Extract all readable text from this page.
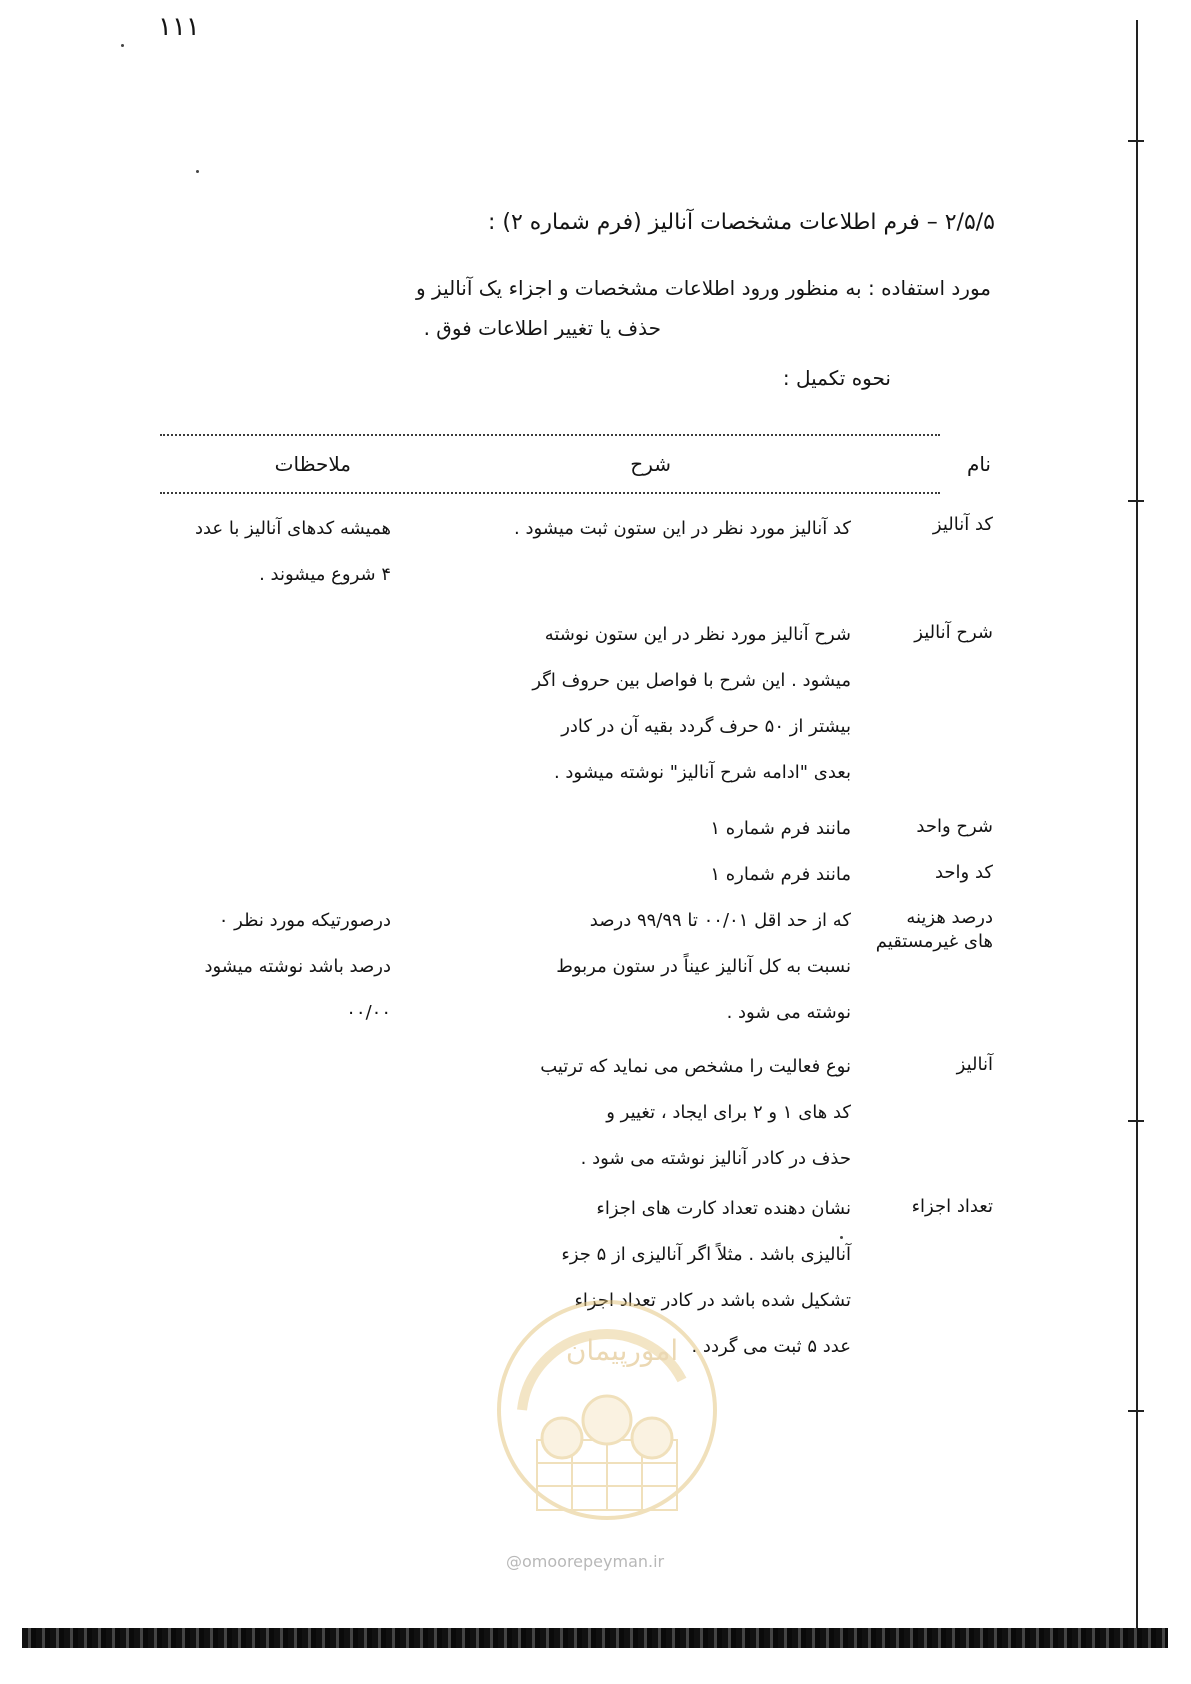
۱۱۱
۲/۵/۵ – فرم اطلاعات مشخصات آنالیز (فرم شماره ۲) :
مورد استفاده : به منظور ورود اطلاعات مشخصات و اجزاء یک آنالیز و
حذف یا تغییر اطلاعات فوق .
نحوه تکمیل :
نام
شرح
ملاحظات
کد آنالیز
کد آنالیز مورد نظر در این ستون ثبت میشود .
همیشه کدهای آنالیز با عدد
۴ شروع میشوند .
شرح آنالیز
شرح آنالیز مورد نظر در این ستون نوشته
میشود . این شرح با فواصل بین حروف اگر
بیشتر از ۵۰ حرف گردد بقیه آن در کادر
بعدی "ادامه شرح آنالیز" نوشته میشود .
شرح واحد
مانند فرم شماره ۱
کد واحد
مانند فرم شماره ۱
درصد هزینه های غیرمستقیم
که از حد اقل ۰۰/۰۱ تا ۹۹/۹۹ درصد
نسبت به کل آنالیز عیناً در ستون مربوط
نوشته می شود .
درصورتیکه مورد نظر ۰
درصد باشد نوشته میشود
۰۰/۰۰
آنالیز
نوع فعالیت را مشخص می نماید که ترتیب
کد های ۱ و ۲ برای ایجاد ، تغییر و
حذف در کادر آنالیز نوشته می شود .
تعداد اجزاء
نشان دهنده تعداد کارت های اجزاء
آنالیزی باشد . مثلاً اگر آنالیزی از ۵ جزء
تشکیل شده باشد در کادر تعداد اجزاء
عدد ۵ ثبت می گردد .
امورپیمان
@omoorepeyman.ir
